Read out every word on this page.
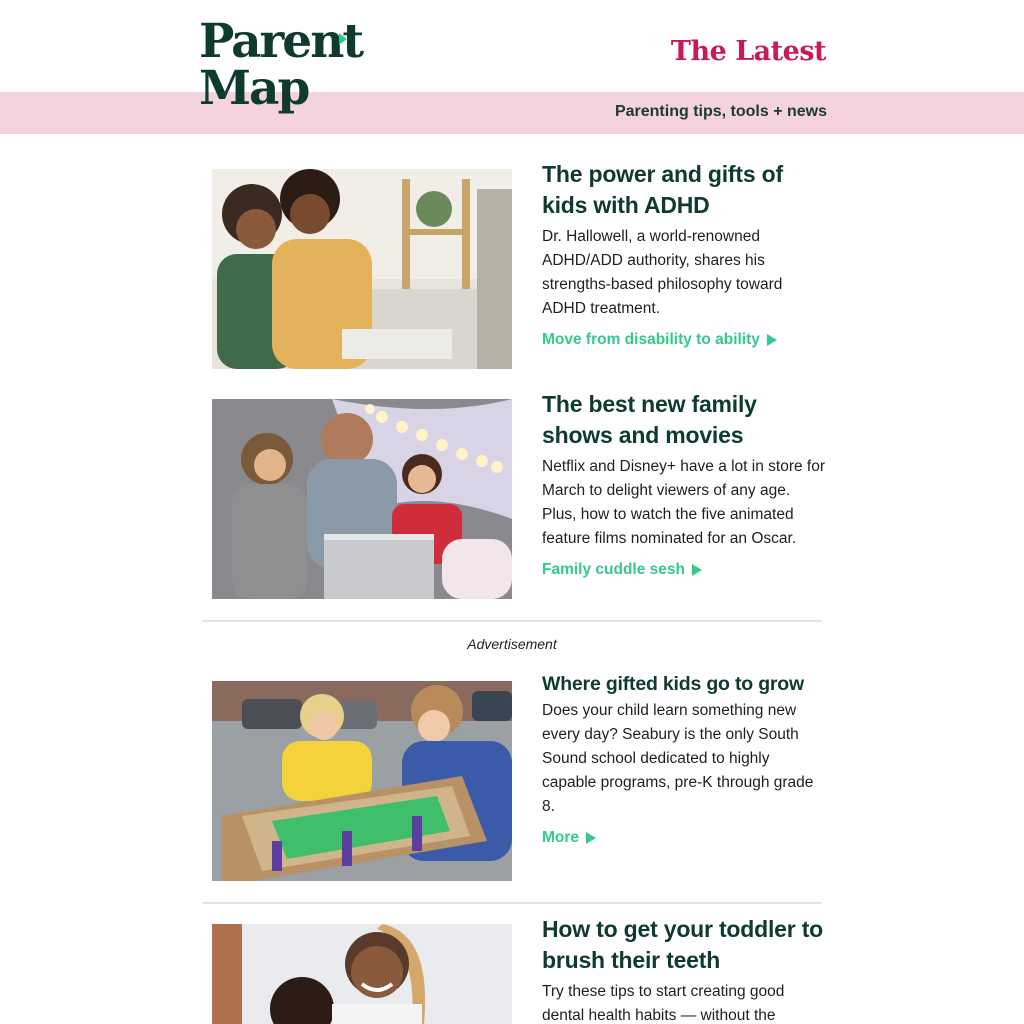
Parent
Map
The Latest
Parenting tips, tools + news
The power and gifts of kids with ADHD
Dr. Hallowell, a world-renowned ADHD/ADD authority, shares his strengths-based philosophy toward ADHD treatment.
Move from disability to ability
The best new family shows and movies
Netflix and Disney+ have a lot in store for March to delight viewers of any age. Plus, how to watch the five animated feature films nominated for an Oscar.
Family cuddle sesh
Advertisement
Where gifted kids go to grow
Does your child learn something new every day? Seabury is the only South Sound school dedicated to highly capable programs, pre-K through grade 8.
More
How to get your toddler to brush their teeth
Try these tips to start creating good dental health habits — without the
